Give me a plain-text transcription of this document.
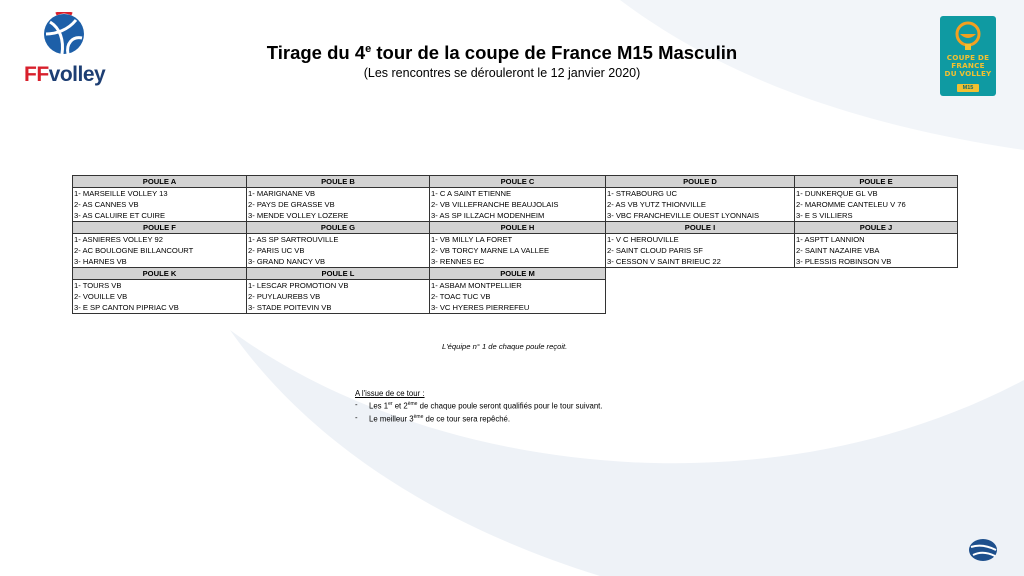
FFvolley
COUPE DE
FRANCE
DU VOLLEY
M15
Tirage du 4e tour de la coupe de France M15 Masculin
(Les rencontres se dérouleront le 12 janvier 2020)
POULE A	POULE B	POULE C	POULE D	POULE E
1- MARSEILLE VOLLEY 13	1- MARIGNANE VB	1- C A SAINT ETIENNE	1- STRABOURG UC	1- DUNKERQUE GL VB
2- AS CANNES VB	2- PAYS DE GRASSE VB	2- VB VILLEFRANCHE BEAUJOLAIS	2- AS VB YUTZ THIONVILLE	2- MAROMME CANTELEU V 76
3- AS CALUIRE ET CUIRE	3- MENDE VOLLEY LOZERE	3- AS SP ILLZACH MODENHEIM	3- VBC FRANCHEVILLE OUEST LYONNAIS	3- E S VILLIERS
POULE F	POULE G	POULE H	POULE I	POULE J
1- ASNIERES VOLLEY 92	1- AS SP SARTROUVILLE	1- VB MILLY LA FORET	1- V C HEROUVILLE	1- ASPTT LANNION
2- AC BOULOGNE BILLANCOURT	2- PARIS UC VB	2- VB TORCY MARNE LA VALLEE	2- SAINT CLOUD PARIS SF	2- SAINT NAZAIRE VBA
3- HARNES VB	3- GRAND NANCY VB	3- RENNES EC	3- CESSON V SAINT BRIEUC 22	3- PLESSIS ROBINSON VB
POULE K	POULE L	POULE M		
1- TOURS VB	1- LESCAR PROMOTION VB	1- ASBAM MONTPELLIER		
2- VOUILLE VB	2- PUYLAUREBS VB	2- TOAC TUC VB		
3- E SP CANTON PIPRIAC VB	3- STADE POITEVIN VB	3- VC HYERES PIERREFEU		
L'équipe n° 1 de chaque poule reçoit.
A l'issue de ce tour :
- Les 1er et 2ème de chaque poule seront qualifiés pour le tour suivant.
- Le meilleur 3ème de ce tour sera repêché.
